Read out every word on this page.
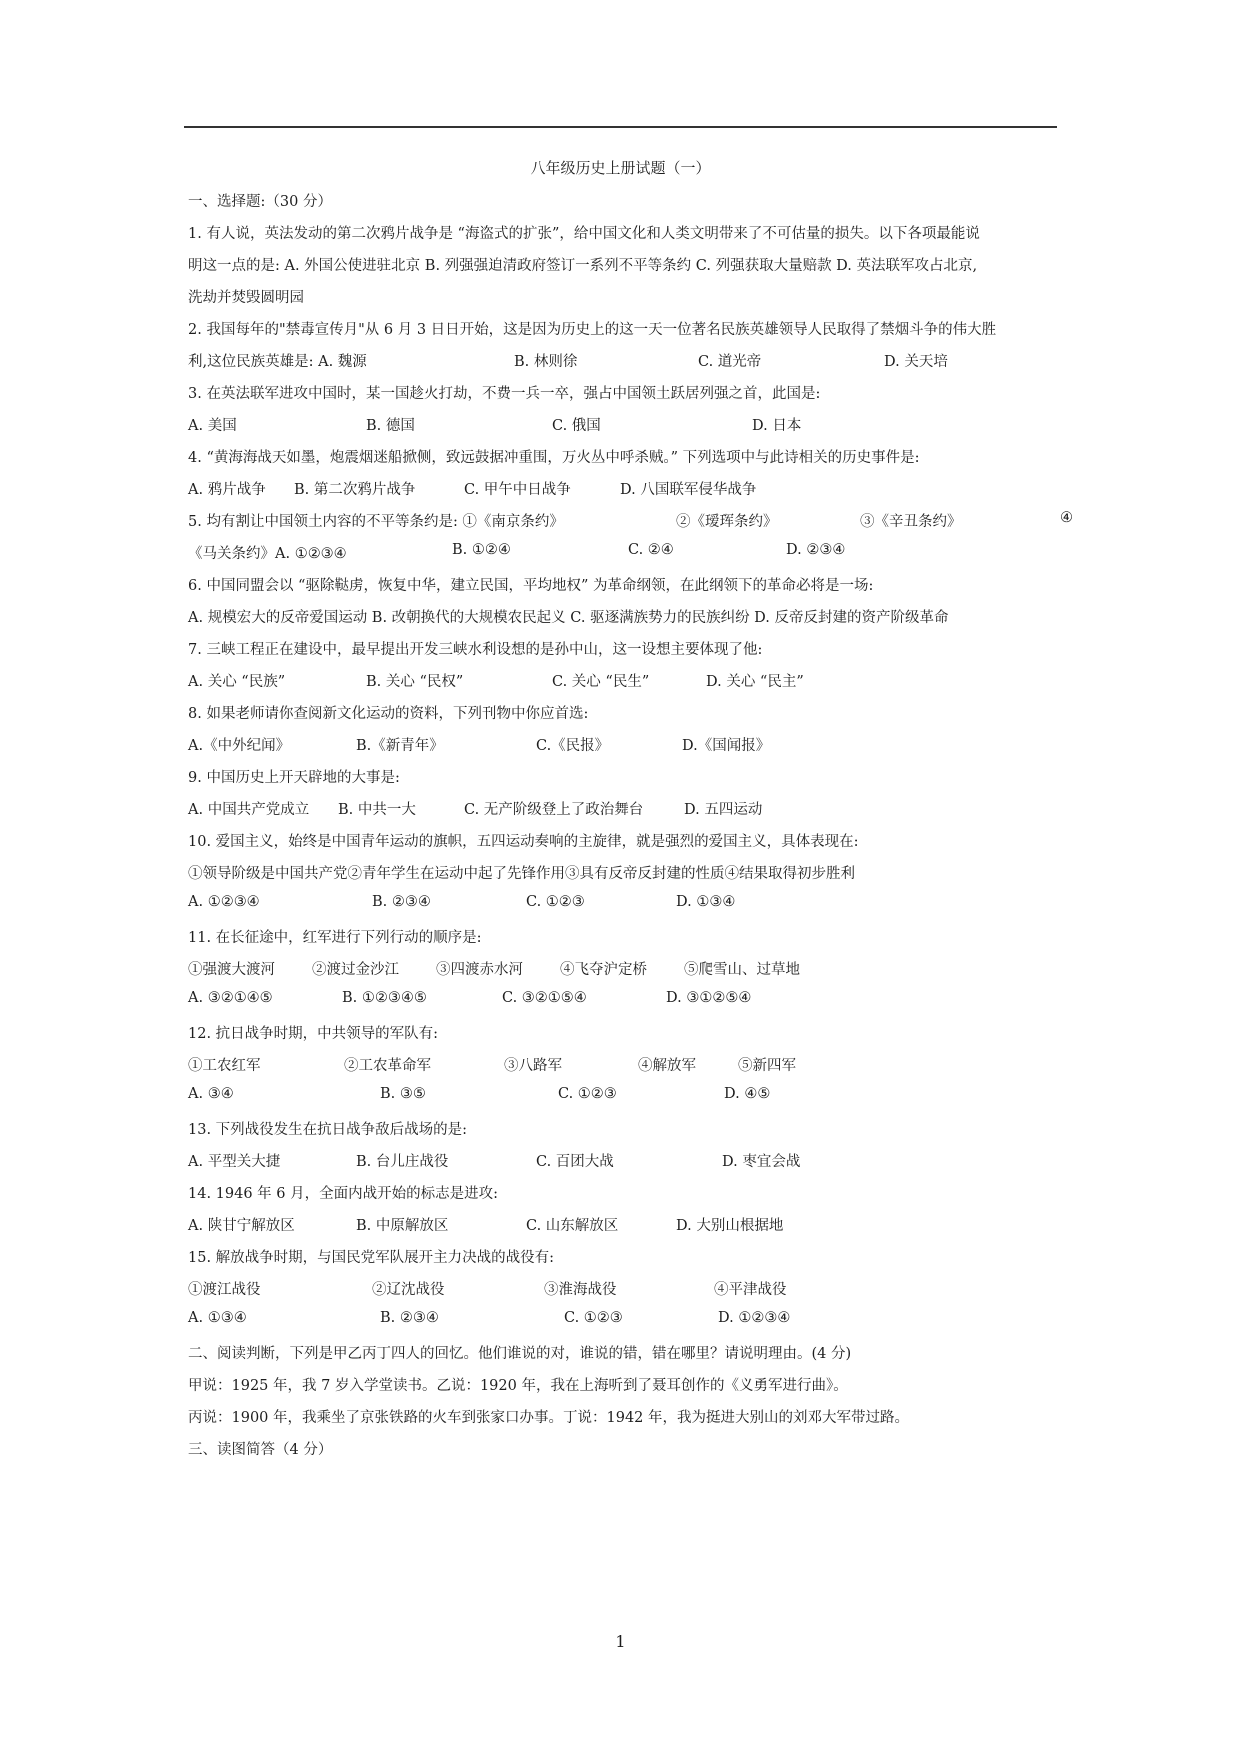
八年级历史上册试题（一）
一、选择题:（30 分）
1. 有人说，英法发动的第二次鸦片战争是 “海盗式的扩张”，给中国文化和人类文明带来了不可估量的损失。以下各项最能说
明这一点的是: A. 外国公使进驻北京 B. 列强强迫清政府签订一系列不平等条约 C. 列强获取大量赔款 D. 英法联军攻占北京,
洗劫并焚毁圆明园
2. 我国每年的"禁毒宣传月"从 6 月 3 日日开始，这是因为历史上的这一天一位著名民族英雄领导人民取得了禁烟斗争的伟大胜
利,这位民族英雄是: A. 魏源	B. 林则徐	C. 道光帝	D. 关天培
3. 在英法联军进攻中国时，某一国趁火打劫，不费一兵一卒，强占中国领土跃居列强之首，此国是:
A. 美国	B. 德国	C. 俄国	D. 日本
4. “黄海海战天如墨，炮震烟迷船掀侧，致远鼓据冲重围，万火丛中呼杀贼。” 下列选项中与此诗相关的历史事件是:
A. 鸦片战争 B. 第二次鸦片战争	C. 甲午中日战争	D. 八国联军侵华战争
5. 均有割让中国领土内容的不平等条约是: ①《南京条约》	②《瑷珲条约》	③《辛丑条约》	④
《马关条约》A. ①②③④	B. ①②④	C. ②④	D. ②③④
6. 中国同盟会以 “驱除鞑虏，恢复中华，建立民国，平均地权” 为革命纲领，在此纲领下的革命必将是一场:
A. 规模宏大的反帝爱国运动 B. 改朝换代的大规模农民起义 C. 驱逐满族势力的民族纠纷 D. 反帝反封建的资产阶级革命
7. 三峡工程正在建设中，最早提出开发三峡水利设想的是孙中山，这一设想主要体现了他:
A. 关心 “民族”	B. 关心 “民权”	C. 关心 “民生”	D. 关心 “民主”
8. 如果老师请你查阅新文化运动的资料，下列刊物中你应首选:
A.《中外纪闻》	B.《新青年》	C.《民报》	D.《国闻报》
9. 中国历史上开天辟地的大事是:
A. 中国共产党成立 B. 中共一大	C. 无产阶级登上了政治舞台	D. 五四运动
10. 爱国主义，始终是中国青年运动的旗帜，五四运动奏响的主旋律，就是强烈的爱国主义，具体表现在:
①领导阶级是中国共产党②青年学生在运动中起了先锋作用③具有反帝反封建的性质④结果取得初步胜利
A. ①②③④	B. ②③④	C. ①②③	D. ①③④
11. 在长征途中，红军进行下列行动的顺序是:
①强渡大渡河	②渡过金沙江	③四渡赤水河	④飞夺沪定桥	⑤爬雪山、过草地
A. ③②①④⑤	B. ①②③④⑤	C. ③②①⑤④	D. ③①②⑤④
12. 抗日战争时期，中共领导的军队有:
①工农红军	②工农革命军	③八路军	④解放军	⑤新四军
A. ③④	B. ③⑤	C. ①②③	D. ④⑤
13. 下列战役发生在抗日战争敌后战场的是:
A. 平型关大捷	B. 台儿庄战役	C. 百团大战	D. 枣宜会战
14. 1946 年 6 月，全面内战开始的标志是进攻:
A. 陕甘宁解放区	B. 中原解放区	C. 山东解放区	D. 大别山根据地
15. 解放战争时期，与国民党军队展开主力决战的战役有:
①渡江战役	②辽沈战役	③淮海战役	④平津战役
A. ①③④	B. ②③④	C. ①②③	D. ①②③④
二、阅读判断，下列是甲乙丙丁四人的回忆。他们谁说的对，谁说的错，错在哪里？请说明理由。(4 分)
甲说：1925 年，我 7 岁入学堂读书。乙说：1920 年，我在上海听到了聂耳创作的《义勇军进行曲》。
丙说：1900 年，我乘坐了京张铁路的火车到张家口办事。丁说：1942 年，我为挺进大别山的刘邓大军带过路。
三、读图简答（4 分）
1
